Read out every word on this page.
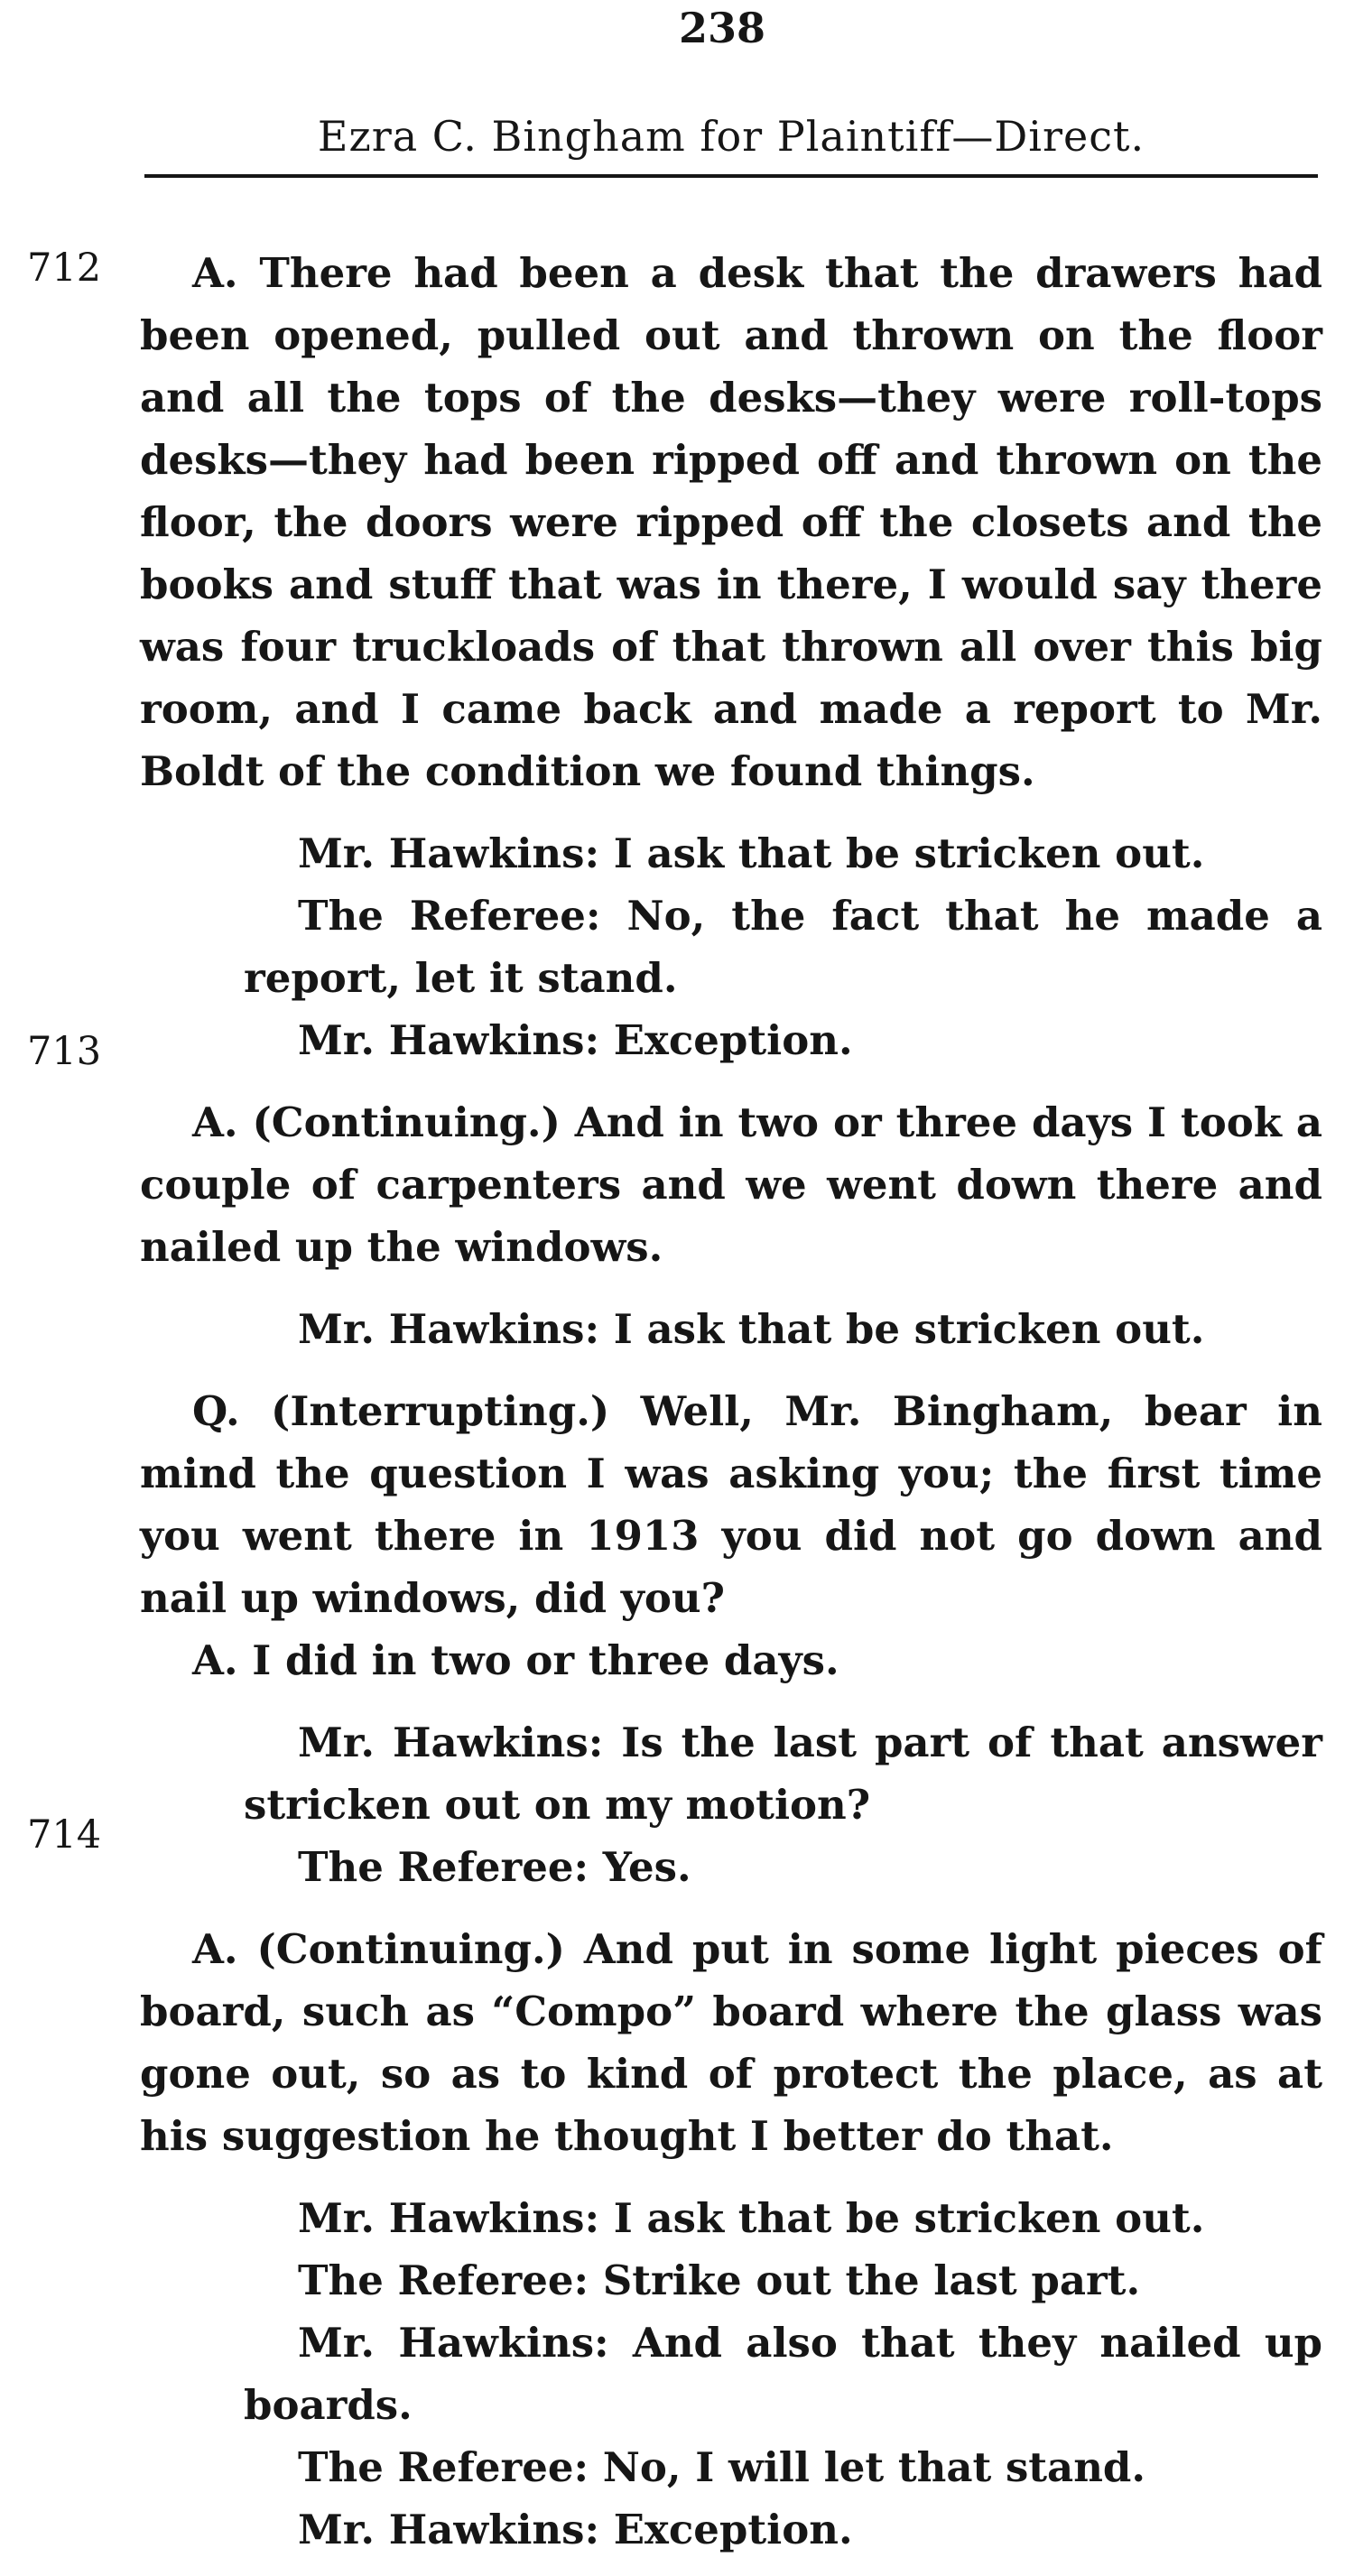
238
Ezra C. Bingham for Plaintiff—Direct.
712
713
714

A. There had been a desk that the drawers had been opened, pulled out and thrown on the floor and all the tops of the desks—they were roll-tops desks—they had been ripped off and thrown on the floor, the doors were ripped off the closets and the books and stuff that was in there, I would say there was four truckloads of that thrown all over this big room, and I came back and made a report to Mr. Boldt of the condition we found things.

Mr. Hawkins: I ask that be stricken out.

The Referee: No, the fact that he made a report, let it stand.

Mr. Hawkins: Exception.

A. (Continuing.) And in two or three days I took a couple of carpenters and we went down there and nailed up the windows.

Mr. Hawkins: I ask that be stricken out.

Q. (Interrupting.) Well, Mr. Bingham, bear in mind the question I was asking you; the first time you went there in 1913 you did not go down and nail up windows, did you?

A. I did in two or three days.

Mr. Hawkins: Is the last part of that answer stricken out on my motion?

The Referee: Yes.

A. (Continuing.) And put in some light pieces of board, such as “Compo” board where the glass was gone out, so as to kind of protect the place, as at his suggestion he thought I better do that.

Mr. Hawkins: I ask that be stricken out.

The Referee: Strike out the last part.

Mr. Hawkins: And also that they nailed up boards.

The Referee: No, I will let that stand.

Mr. Hawkins: Exception.
